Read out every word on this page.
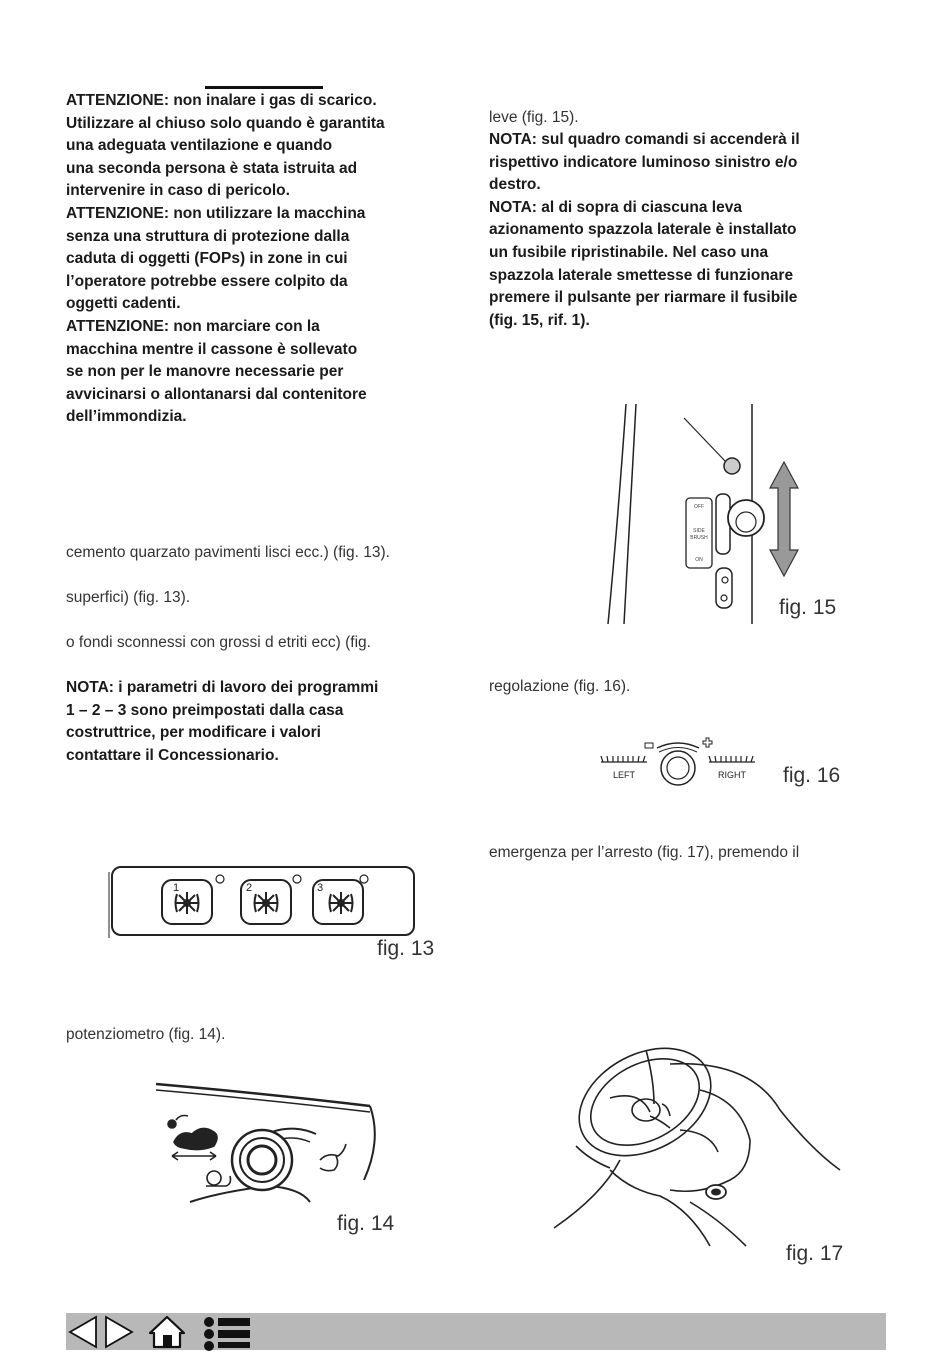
ATTENZIONE: non inalare i gas di scarico.
Utilizzare al chiuso solo quando è garantita
una adeguata ventilazione e quando
una seconda persona è stata istruita ad
intervenire in caso di pericolo.
ATTENZIONE: non utilizzare la macchina
senza una struttura di protezione dalla
caduta di oggetti (FOPs) in zone in cui
l’operatore potrebbe essere colpito da
oggetti cadenti.
ATTENZIONE: non marciare con la
macchina mentre il cassone è sollevato
se non per le manovre necessarie per
avvicinarsi o allontanarsi dal contenitore
dell’immondizia.
cemento quarzato pavimenti lisci ecc.) (fig. 13).
superfici) (fig. 13).
o fondi sconnessi con grossi d etriti ecc) (fig.
NOTA: i parametri di lavoro dei programmi
1 – 2 – 3 sono preimpostati dalla casa
costruttrice, per modificare i valori
contattare il Concessionario.
potenziometro (fig. 14).
leve (fig. 15).
NOTA: sul quadro comandi si accenderà il
rispettivo indicatore luminoso sinistro e/o
destro.
NOTA: al di sopra di ciascuna leva
azionamento spazzola laterale è installato
un fusibile ripristinabile. Nel caso una
spazzola laterale smettesse di funzionare
premere il pulsante per riarmare il fusibile
(fig. 15, rif. 1).
regolazione (fig. 16).
emergenza per l’arresto (fig. 17), premendo il
1	2	3
fig. 13
fig. 14
OFF
SIDE
BRUSH
ON
fig. 15
LEFT	RIGHT fig. 16
fig. 17
